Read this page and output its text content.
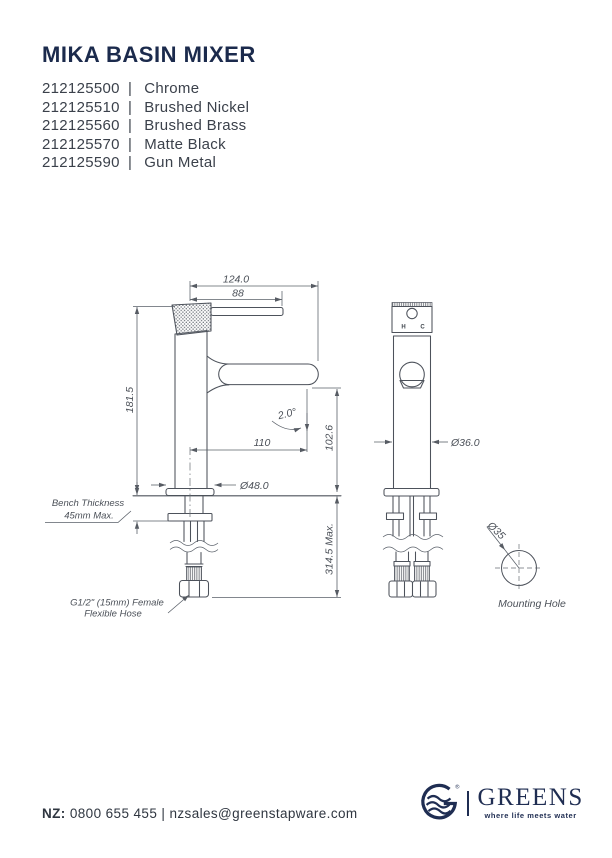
MIKA BASIN MIXER
212125500 | Chrome
212125510 | Brushed Nickel
212125560 | Brushed Brass
212125570 | Matte Black
212125590 | Gun Metal
124.0
88
181.5
2.0°
110	102.6
Ø48.0
314.5 Max.
Bench Thickness
45mm Max.
G1/2" (15mm) Female
Flexible Hose
H C
Ø36.0
Ø35
Mounting Hole
NZ: 0800 655 455 | nzsales@greenstapware.com
® GREENS
where life meets water
